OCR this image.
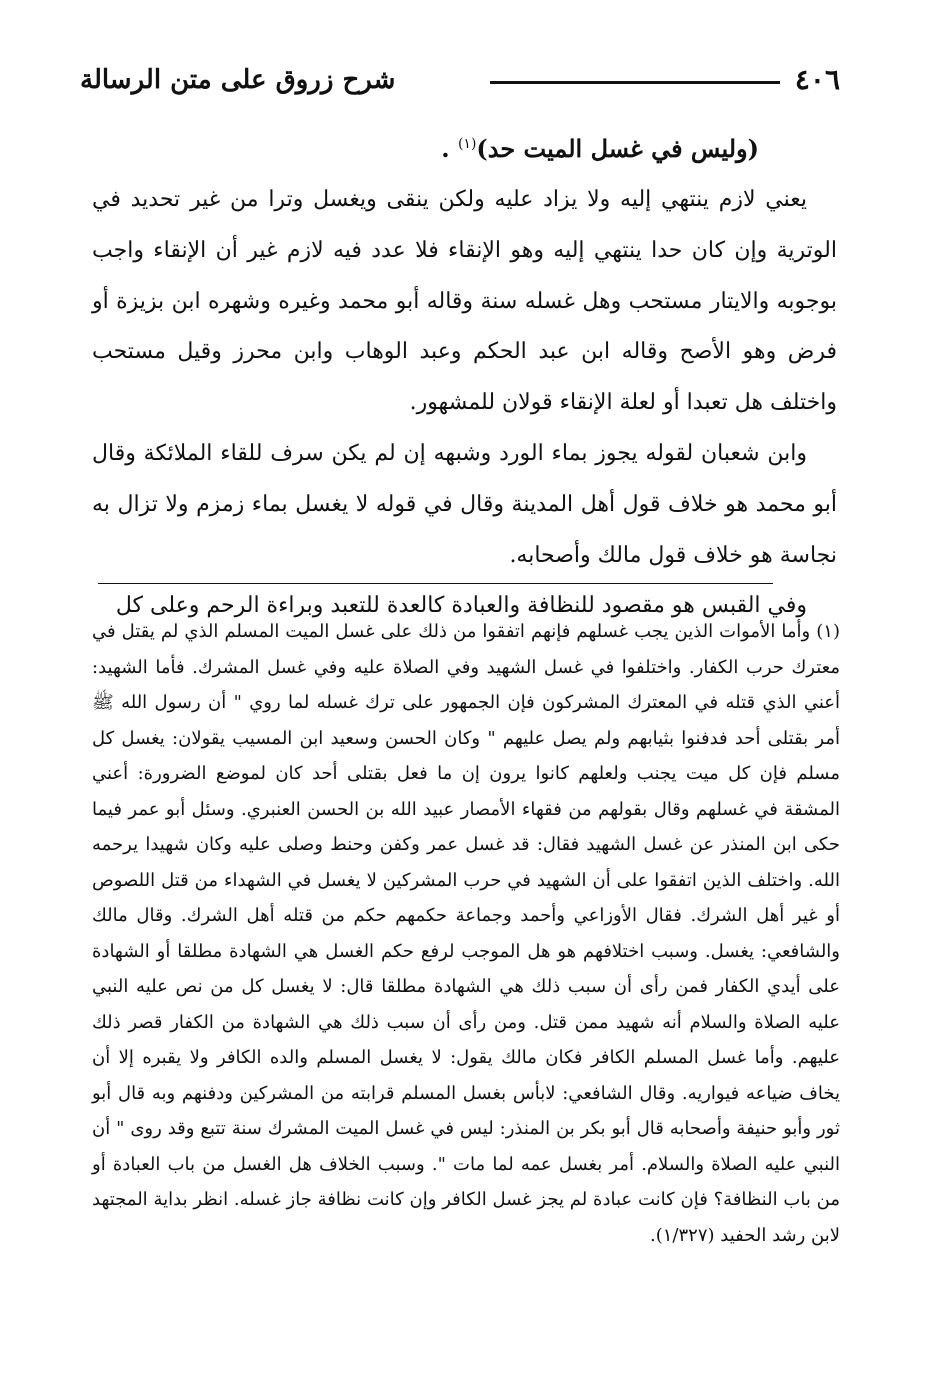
٤٠٦
شرح زروق على متن الرسالة

(وليس في غسل الميت حد)$^{(١)}$ .

يعني لازم ينتهي إليه ولا يزاد عليه ولكن ينقى ويغسل وترا من غير تحديد في الوترية وإن كان حدا ينتهي إليه وهو الإنقاء فلا عدد فيه لازم غير أن الإنقاء واجب بوجوبه والايتار مستحب وهل غسله سنة وقاله أبو محمد وغيره وشهره ابن بزيزة أو فرض وهو الأصح وقاله ابن عبد الحكم وعبد الوهاب وابن محرز وقيل مستحب واختلف هل تعبدا أو لعلة الإنقاء قولان للمشهور.

وابن شعبان لقوله يجوز بماء الورد وشبهه إن لم يكن سرف للقاء الملائكة وقال أبو محمد هو خلاف قول أهل المدينة وقال في قوله لا يغسل بماء زمزم ولا تزال به نجاسة هو خلاف قول مالك وأصحابه.

وفي القبس هو مقصود للنظافة والعبادة كالعدة للتعبد وبراءة الرحم وعلى كل

(١) وأما الأموات الذين يجب غسلهم فإنهم اتفقوا من ذلك على غسل الميت المسلم الذي لم يقتل في معترك حرب الكفار. واختلفوا في غسل الشهيد وفي الصلاة عليه وفي غسل المشرك. فأما الشهيد: أعني الذي قتله في المعترك المشركون فإن الجمهور على ترك غسله لما روي " أن رسول الله ﷺ أمر بقتلى أحد فدفنوا بثيابهم ولم يصل عليهم " وكان الحسن وسعيد ابن المسيب يقولان: يغسل كل مسلم فإن كل ميت يجنب ولعلهم كانوا يرون إن ما فعل بقتلى أحد كان لموضع الضرورة: أعني المشقة في غسلهم وقال بقولهم من فقهاء الأمصار عبيد الله بن الحسن العنبري. وسئل أبو عمر فيما حكى ابن المنذر عن غسل الشهيد فقال: قد غسل عمر وكفن وحنط وصلى عليه وكان شهيدا يرحمه الله. واختلف الذين اتفقوا على أن الشهيد في حرب المشركين لا يغسل في الشهداء من قتل اللصوص أو غير أهل الشرك. فقال الأوزاعي وأحمد وجماعة حكمهم حكم من قتله أهل الشرك. وقال مالك والشافعي: يغسل. وسبب اختلافهم هو هل الموجب لرفع حكم الغسل هي الشهادة مطلقا أو الشهادة على أيدي الكفار فمن رأى أن سبب ذلك هي الشهادة مطلقا قال: لا يغسل كل من نص عليه النبي عليه الصلاة والسلام أنه شهيد ممن قتل. ومن رأى أن سبب ذلك هي الشهادة من الكفار قصر ذلك عليهم. وأما غسل المسلم الكافر فكان مالك يقول: لا يغسل المسلم والده الكافر ولا يقبره إلا أن يخاف ضياعه فيواريه. وقال الشافعي: لابأس بغسل المسلم قرابته من المشركين ودفنهم وبه قال أبو ثور وأبو حنيفة وأصحابه قال أبو بكر بن المنذر: ليس في غسل الميت المشرك سنة تتبع وقد روى " أن النبي عليه الصلاة والسلام. أمر بغسل عمه لما مات ". وسبب الخلاف هل الغسل من باب العبادة أو من باب النظافة؟ فإن كانت عبادة لم يجز غسل الكافر وإن كانت نظافة جاز غسله. انظر بداية المجتهد لابن رشد الحفيد (١/٣٢٧).
